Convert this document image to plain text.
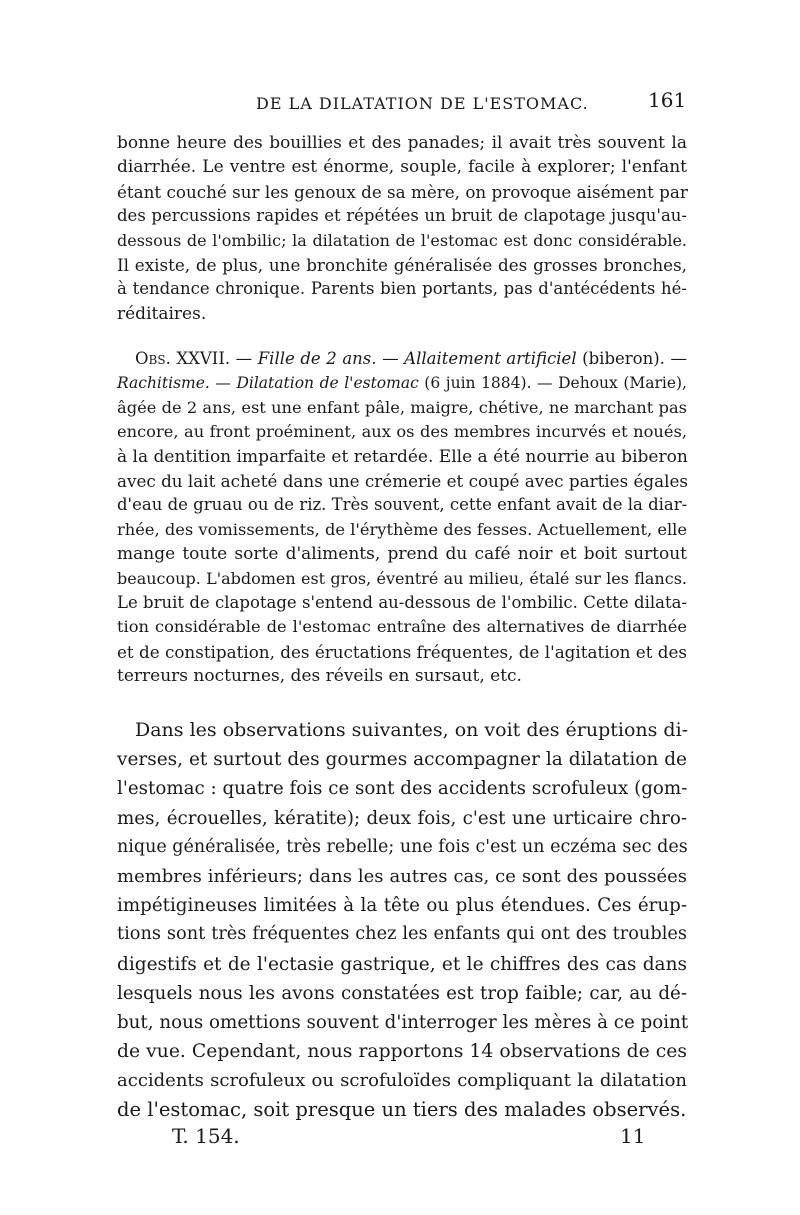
DE LA DILATATION DE L'ESTOMAC.	161
bonne heure des bouillies et des panades; il avait très souvent la
diarrhée. Le ventre est énorme, souple, facile à explorer; l'enfant
étant couché sur les genoux de sa mère, on provoque aisément par
des percussions rapides et répétées un bruit de clapotage jusqu'au-
dessous de l'ombilic; la dilatation de l'estomac est donc considérable.
Il existe, de plus, une bronchite généralisée des grosses bronches,
à tendance chronique. Parents bien portants, pas d'antécédents hé-
réditaires.
Obs. XXVII. — Fille de 2 ans. — Allaitement artificiel (biberon). —
Rachitisme. — Dilatation de l'estomac (6 juin 1884). — Dehoux (Marie),
âgée de 2 ans, est une enfant pâle, maigre, chétive, ne marchant pas
encore, au front proéminent, aux os des membres incurvés et noués,
à la dentition imparfaite et retardée. Elle a été nourrie au biberon
avec du lait acheté dans une crémerie et coupé avec parties égales
d'eau de gruau ou de riz. Très souvent, cette enfant avait de la diar-
rhée, des vomissements, de l'érythème des fesses. Actuellement, elle
mange toute sorte d'aliments, prend du café noir et boit surtout
beaucoup. L'abdomen est gros, éventré au milieu, étalé sur les flancs.
Le bruit de clapotage s'entend au-dessous de l'ombilic. Cette dilata-
tion considérable de l'estomac entraîne des alternatives de diarrhée
et de constipation, des éructations fréquentes, de l'agitation et des
terreurs nocturnes, des réveils en sursaut, etc.
Dans les observations suivantes, on voit des éruptions di-
verses, et surtout des gourmes accompagner la dilatation de
l'estomac : quatre fois ce sont des accidents scrofuleux (gom-
mes, écrouelles, kératite); deux fois, c'est une urticaire chro-
nique généralisée, très rebelle; une fois c'est un eczéma sec des
membres inférieurs; dans les autres cas, ce sont des poussées
impétigineuses limitées à la tête ou plus étendues. Ces érup-
tions sont très fréquentes chez les enfants qui ont des troubles
digestifs et de l'ectasie gastrique, et le chiffres des cas dans
lesquels nous les avons constatées est trop faible; car, au dé-
but, nous omettions souvent d'interroger les mères à ce point
de vue. Cependant, nous rapportons 14 observations de ces
accidents scrofuleux ou scrofuloïdes compliquant la dilatation
de l'estomac, soit presque un tiers des malades observés.
T. 154.	11
